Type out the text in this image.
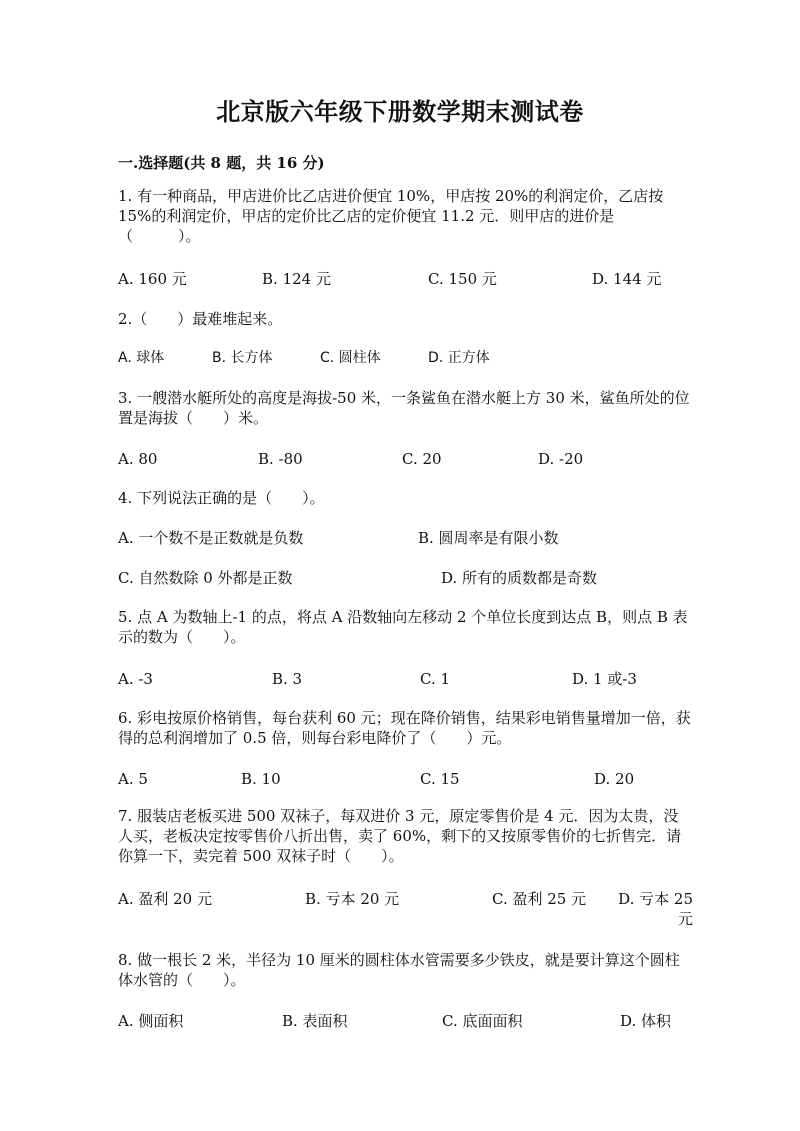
北京版六年级下册数学期末测试卷
一.选择题(共 8 题，共 16 分)
1. 有一种商品，甲店进价比乙店进价便宜 10%，甲店按 20%的利润定价，乙店按 15%的利润定价，甲店的定价比乙店的定价便宜 11.2 元．则甲店的进价是（　　　）。
A. 160 元	B. 124 元	C. 150 元	D. 144 元
2.（　　）最难堆起来。
A. 球体	B. 长方体	C. 圆柱体	D. 正方体
3. 一艘潜水艇所处的高度是海拔-50 米，一条鲨鱼在潜水艇上方 30 米，鲨鱼所处的位置是海拔（　　）米。
A. 80	B. -80	C. 20	D. -20
4. 下列说法正确的是（　　）。
A. 一个数不是正数就是负数	B. 圆周率是有限小数
C. 自然数除 0 外都是正数	D. 所有的质数都是奇数
5. 点 A 为数轴上-1 的点，将点 A 沿数轴向左移动 2 个单位长度到达点 B，则点 B 表示的数为（　　）。
A. -3	B. 3	C. 1	D. 1 或-3
6. 彩电按原价格销售，每台获利 60 元；现在降价销售，结果彩电销售量增加一倍，获得的总利润增加了 0.5 倍，则每台彩电降价了（　　）元。
A. 5	B. 10	C. 15	D. 20
7. 服装店老板买进 500 双袜子，每双进价 3 元，原定零售价是 4 元．因为太贵，没人买，老板决定按零售价八折出售，卖了 60%，剩下的又按原零售价的七折售完．请你算一下，卖完着 500 双袜子时（　　）。
A. 盈利 20 元	B. 亏本 20 元	C. 盈利 25 元	D. 亏本 25 元
8. 做一根长 2 米，半径为 10 厘米的圆柱体水管需要多少铁皮，就是要计算这个圆柱体水管的（　　）。
A. 侧面积	B. 表面积	C. 底面面积	D. 体积
